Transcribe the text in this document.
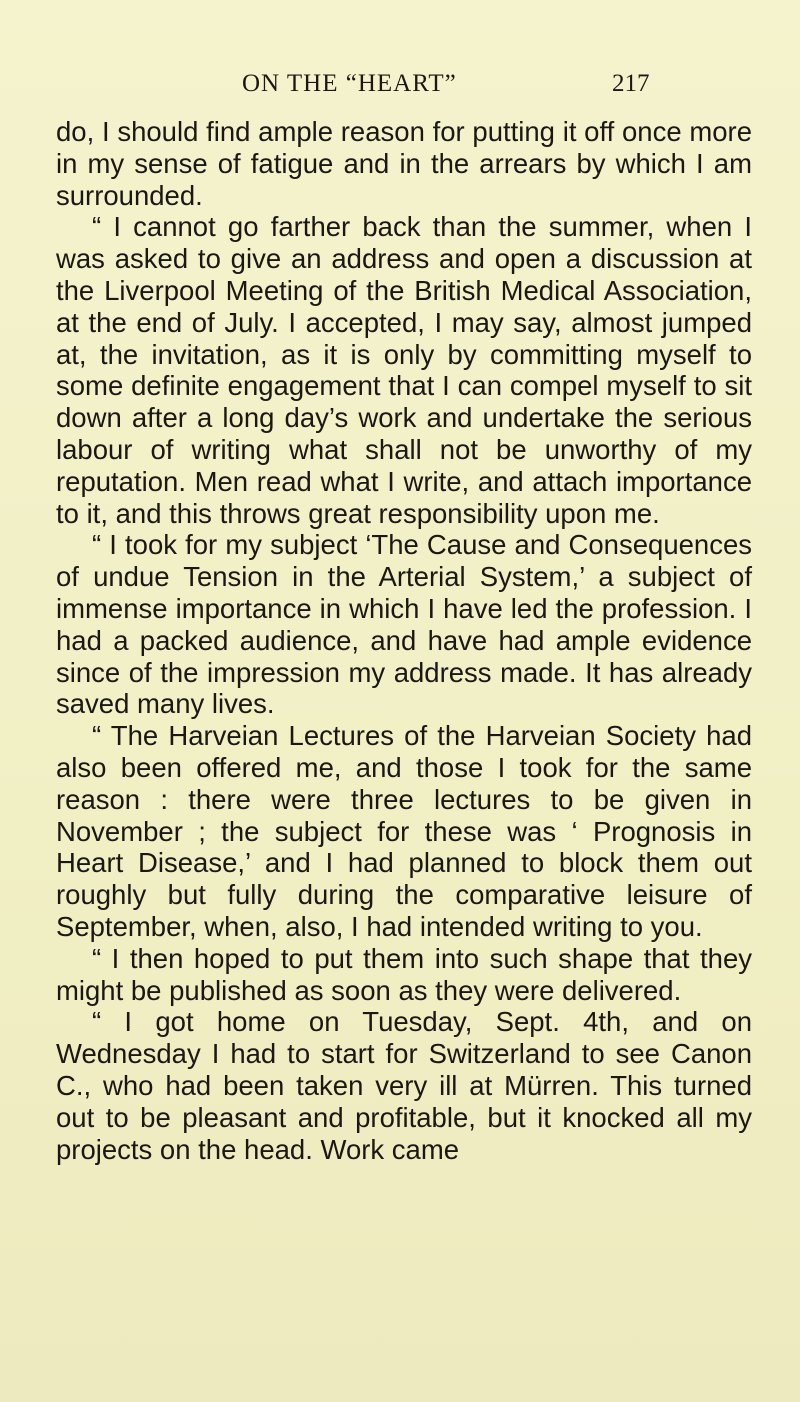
ON THE “HEART”	217

do, I should find ample reason for putting it off once more in my sense of fatigue and in the arrears by which I am surrounded.

“ I cannot go farther back than the summer, when I was asked to give an address and open a discussion at the Liverpool Meeting of the British Medical Association, at the end of July. I accepted, I may say, almost jumped at, the invitation, as it is only by committing myself to some definite engagement that I can compel myself to sit down after a long day’s work and undertake the serious labour of writing what shall not be unworthy of my reputation. Men read what I write, and attach importance to it, and this throws great responsibility upon me.

“ I took for my subject ‘The Cause and Consequences of undue Tension in the Arterial System,’ a subject of immense importance in which I have led the profession. I had a packed audience, and have had ample evidence since of the impression my address made. It has already saved many lives.

“ The Harveian Lectures of the Harveian Society had also been offered me, and those I took for the same reason : there were three lectures to be given in November ; the subject for these was ‘ Prognosis in Heart Disease,’ and I had planned to block them out roughly but fully during the comparative leisure of September, when, also, I had intended writing to you.

“ I then hoped to put them into such shape that they might be published as soon as they were delivered.

“ I got home on Tuesday, Sept. 4th, and on Wednesday I had to start for Switzerland to see Canon C., who had been taken very ill at Mürren. This turned out to be pleasant and profitable, but it knocked all my projects on the head. Work came
